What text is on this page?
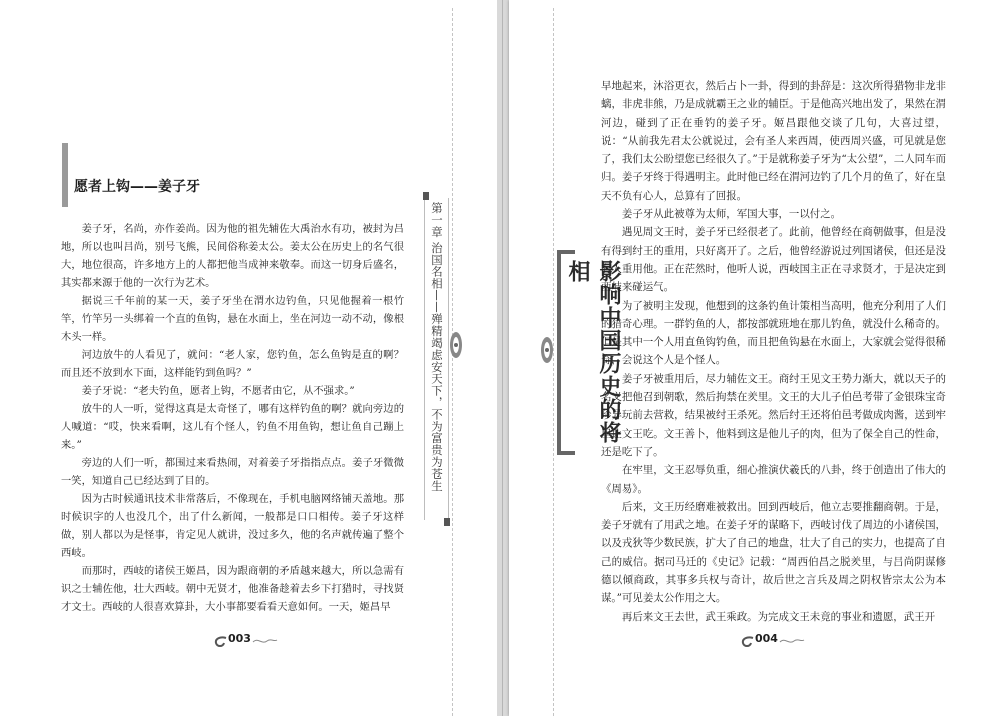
愿者上钩——姜子牙

姜子牙，名尚，亦作姜尚。因为他的祖先辅佐大禹治水有功，被封为吕地，所以也叫吕尚，别号飞熊，民间俗称姜太公。姜太公在历史上的名气很大，地位很高，许多地方上的人都把他当成神来敬奉。而这一切身后盛名，其实都来源于他的一次行为艺术。

据说三千年前的某一天，姜子牙坐在渭水边钓鱼，只见他握着一根竹竿，竹竿另一头绑着一个直的鱼钩，悬在水面上，坐在河边一动不动，像根木头一样。

河边放牛的人看见了，就问：“老人家，您钓鱼，怎么鱼钩是直的啊？而且还不放到水下面，这样能钓到鱼吗？”

姜子牙说：“老夫钓鱼，愿者上钩，不愿者由它，从不强求。”

放牛的人一听，觉得这真是太奇怪了，哪有这样钓鱼的啊？就向旁边的人喊道：“哎，快来看啊，这儿有个怪人，钓鱼不用鱼钩，想让鱼自己蹦上来。”

旁边的人们一听，都围过来看热闹，对着姜子牙指指点点。姜子牙微微一笑，知道自己已经达到了目的。

因为古时候通讯技术非常落后，不像现在，手机电脑网络铺天盖地。那时候识字的人也没几个，出了什么新闻，一般都是口口相传。姜子牙这样做，别人都以为是怪事，肯定见人就讲，没过多久，他的名声就传遍了整个西岐。

而那时，西岐的诸侯王姬昌，因为跟商朝的矛盾越来越大，所以急需有识之士辅佐他，壮大西岐。朝中无贤才，他准备趁着去乡下打猎时，寻找贤才文士。西岐的人很喜欢算卦，大小事都要看看天意如何。一天，姬昌早

第一章 治国名相——殚精竭虑安天下，不为富贵为苍生
003
影响中国历史的将相

早地起来，沐浴更衣，然后占卜一卦，得到的卦辞是：这次所得猎物非龙非螭，非虎非熊，乃是成就霸王之业的辅臣。于是他高兴地出发了，果然在渭河边，碰到了正在垂钓的姜子牙。姬昌跟他交谈了几句，大喜过望，说：“从前我先君太公就说过，会有圣人来西周，使西周兴盛，可见就是您了，我们太公盼望您已经很久了。”于是就称姜子牙为“太公望”，二人同车而归。姜子牙终于得遇明主。此时他已经在渭河边钓了几个月的鱼了，好在皇天不负有心人，总算有了回报。

姜子牙从此被尊为太师，军国大事，一以付之。

遇见周文王时，姜子牙已经很老了。此前，他曾经在商朝做事，但是没有得到纣王的重用，只好离开了。之后，他曾经游说过列国诸侯，但还是没有人重用他。正在茫然时，他听人说，西岐国主正在寻求贤才，于是决定到西岐来碰运气。

为了被明主发现，他想到的这条钓鱼计策相当高明，他充分利用了人们的猎奇心理。一群钓鱼的人，都按部就班地在那儿钓鱼，就没什么稀奇的。但是其中一个人用直鱼钩钓鱼，而且把鱼钩悬在水面上，大家就会觉得很稀奇，会说这个人是个怪人。

姜子牙被重用后，尽力辅佐文王。商纣王见文王势力渐大，就以天子的名义把他召到朝歌，然后拘禁在羑里。文王的大儿子伯邑考带了金银珠宝奇珍异玩前去营救，结果被纣王杀死。然后纣王还将伯邑考做成肉酱，送到牢里让文王吃。文王善卜，他料到这是他儿子的肉，但为了保全自己的性命，还是吃下了。

在牢里，文王忍辱负重，细心推演伏羲氏的八卦，终于创造出了伟大的《周易》。

后来，文王历经磨难被救出。回到西岐后，他立志要推翻商朝。于是，姜子牙就有了用武之地。在姜子牙的谋略下，西岐讨伐了周边的小诸侯国，以及戎狄等少数民族，扩大了自己的地盘，壮大了自己的实力，也提高了自己的威信。据司马迁的《史记》记载：“周西伯昌之脱羑里，与吕尚阴谋修德以倾商政，其事多兵权与奇计，故后世之言兵及周之阴权皆宗太公为本谋。”可见姜太公作用之大。

再后来文王去世，武王乘政。为完成文王未竟的事业和遗愿，武王开

004
